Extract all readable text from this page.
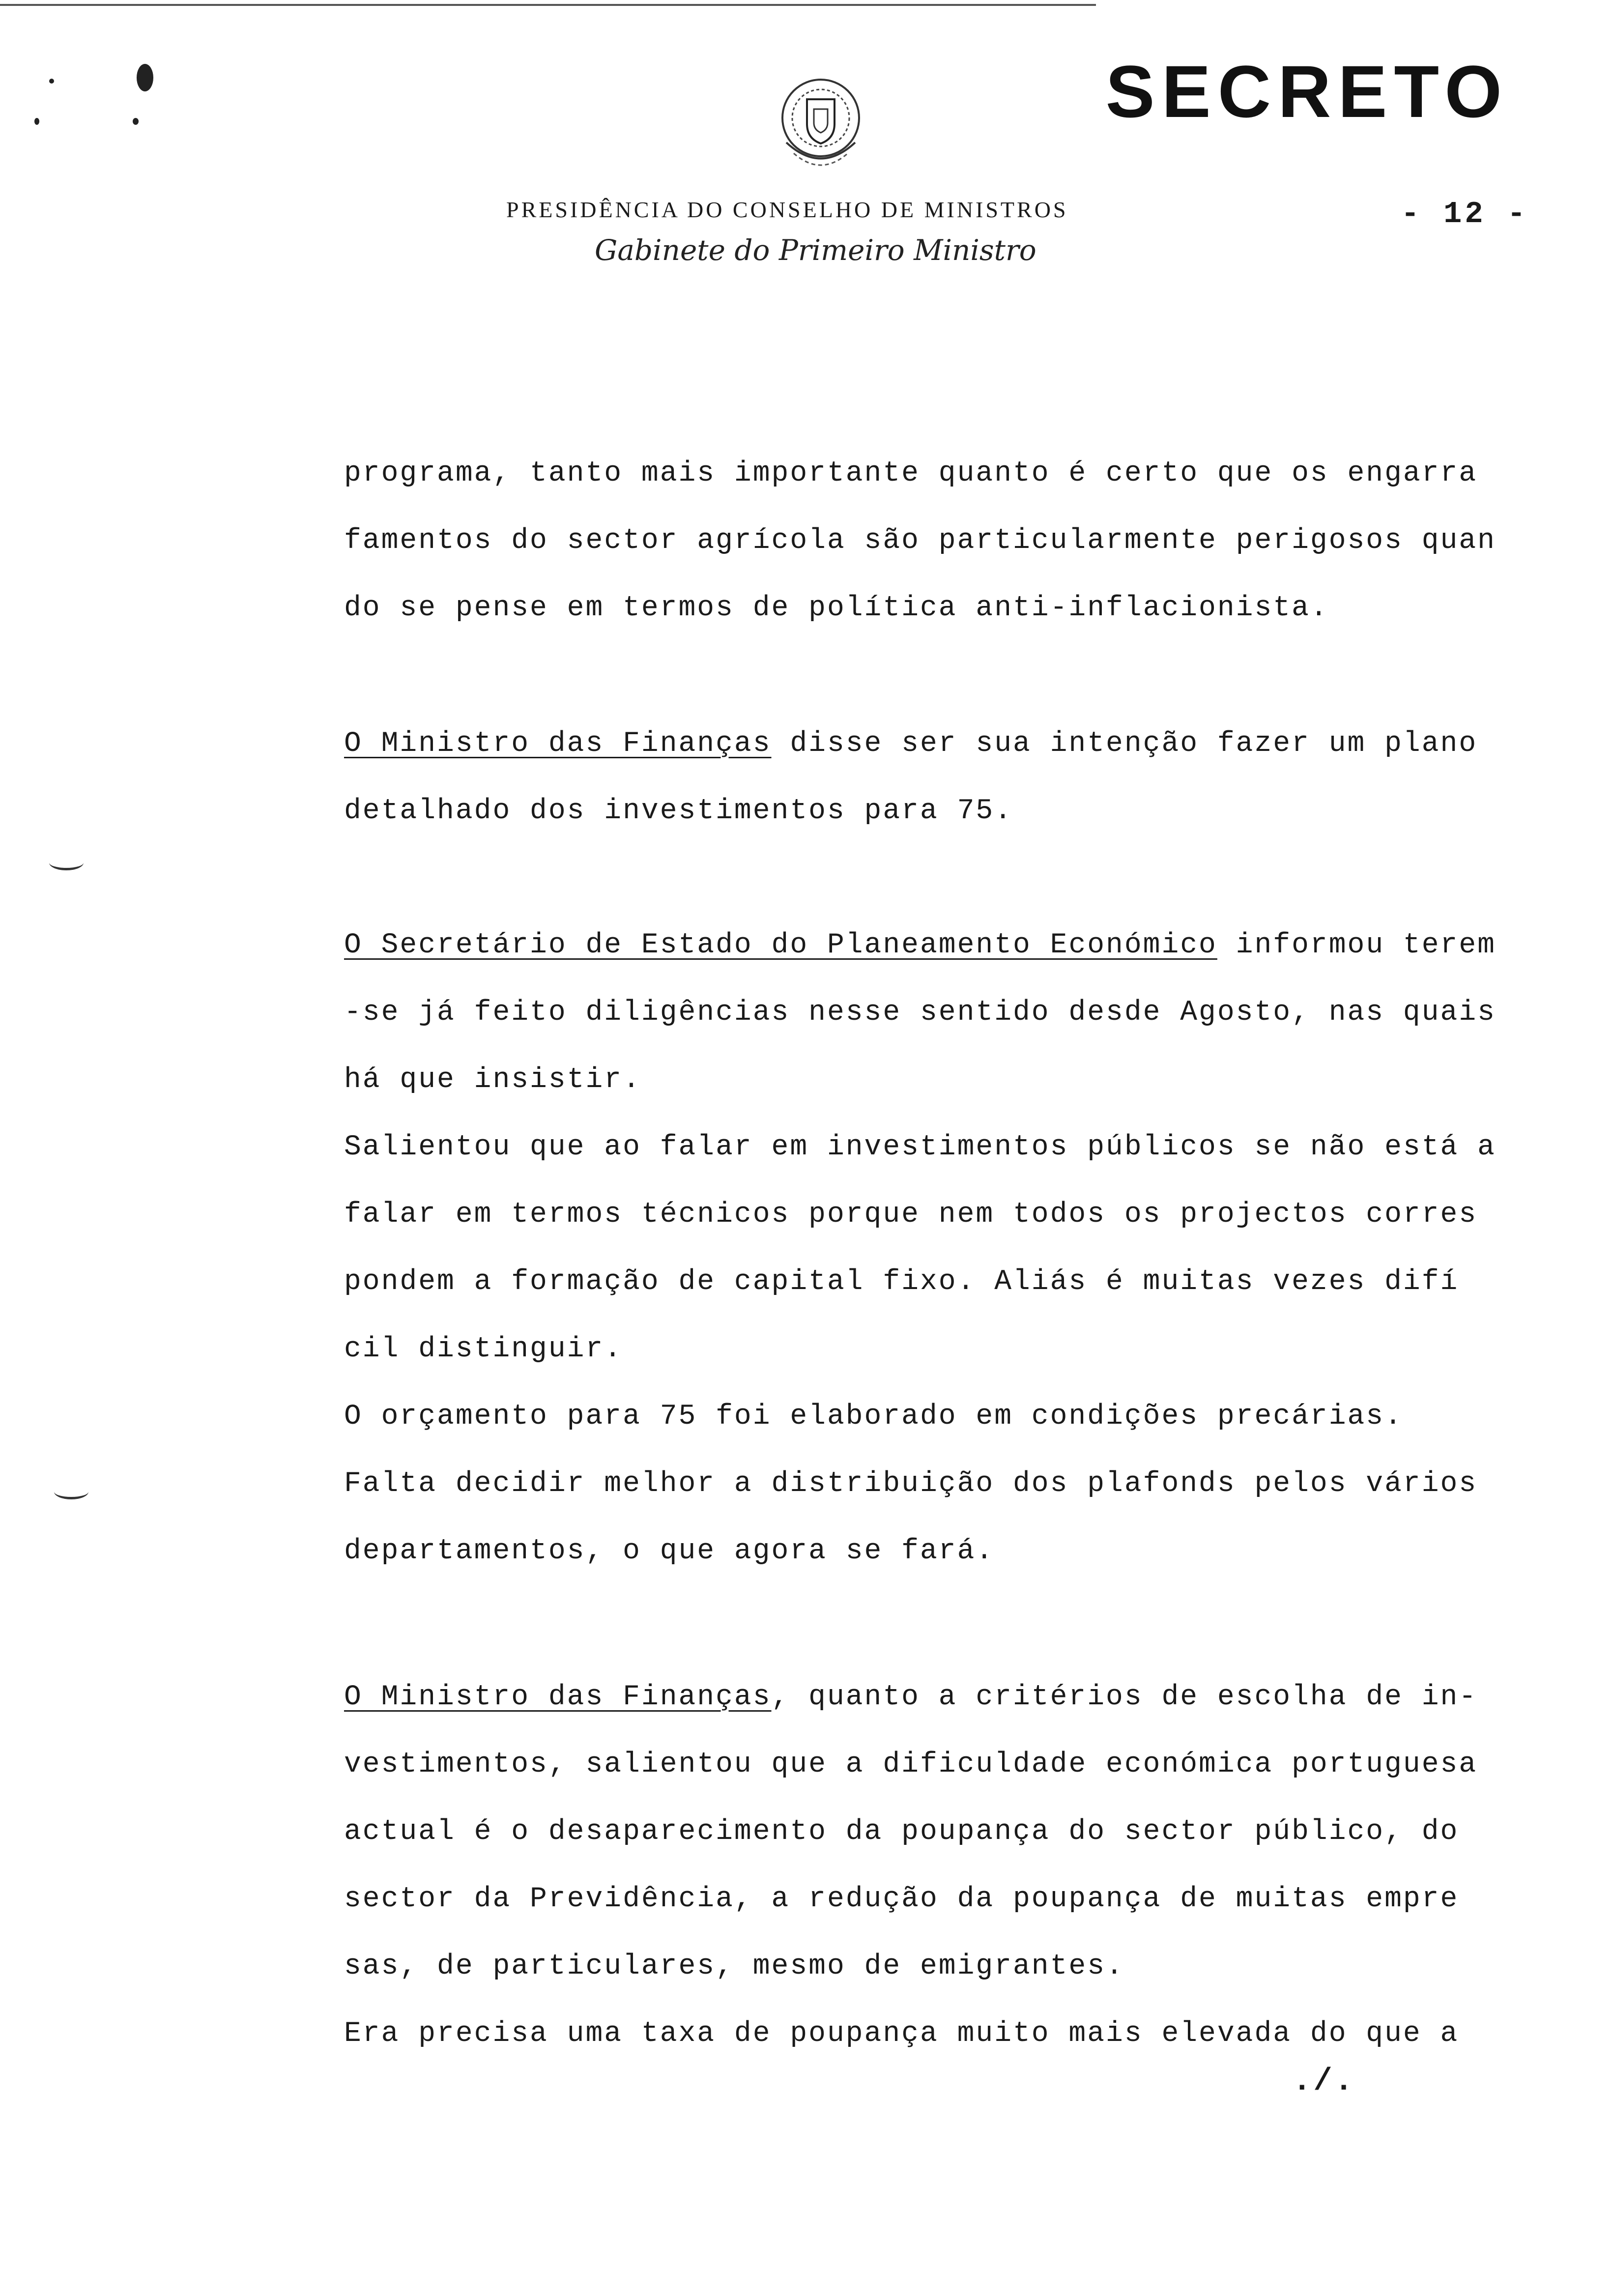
SECRETO
- 12 -
PRESIDÊNCIA DO CONSELHO DE MINISTROS
Gabinete do Primeiro Ministro

programa, tanto mais importante quanto é certo que os engarra

famentos do sector agrícola são particularmente perigosos quan

do se pense em termos de política anti-inflacionista.

O Ministro das Finanças disse ser sua intenção fazer um plano

detalhado dos investimentos para 75.

O Secretário de Estado do Planeamento Económico informou terem

-se já feito diligências nesse sentido desde Agosto, nas quais

há que insistir.

Salientou que ao falar em investimentos públicos se não está a

falar em termos técnicos porque nem todos os projectos corres

pondem a formação de capital fixo. Aliás é muitas vezes difí

cil distinguir.

O orçamento para 75 foi elaborado em condições precárias.

Falta decidir melhor a distribuição dos plafonds pelos vários

departamentos, o que agora se fará.

O Ministro das Finanças, quanto a critérios de escolha de in-

vestimentos, salientou que a dificuldade económica portuguesa

actual é o desaparecimento da poupança do sector público, do

sector da Previdência, a redução da poupança de muitas empre

sas, de particulares, mesmo de emigrantes.

Era precisa uma taxa de poupança muito mais elevada do que a

./.
